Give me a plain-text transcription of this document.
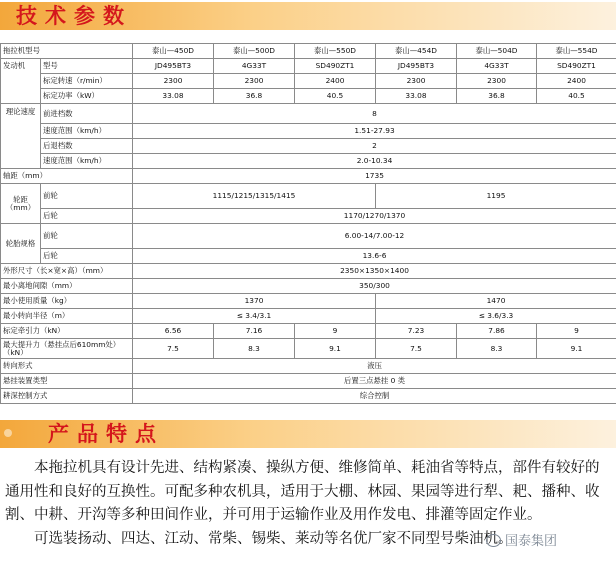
技术参数
拖拉机型号		泰山—450D	泰山—500D	泰山—550D	泰山—454D	泰山—504D	泰山—554D
发动机	型号	JD495BT3	4G33T	SD490ZT1	JD495BT3	4G33T	SD490ZT1
	标定转速（r/min）	2300	2300	2400	2300	2300	2400
	标定功率（kW）	33.08	36.8	40.5	33.08	36.8	40.5
理论速度	前进档数	8					
	速度范围（km/h）	1.51-27.93					
	后退档数	2					
	速度范围（km/h）	2.0-10.34					
轴距（mm）		1735					
轮距（mm）	前轮	1115/1215/1315/1415			1195		
	后轮	1170/1270/1370					
轮胎规格	前轮	6.00-14/7.00-12					
	后轮	13.6-6					
外形尺寸（长×宽×高）（mm）		2350×1350×1400					
最小离地间隙（mm）		350/300					
最小使用质量（kg）		1370			1470		
最小转向半径（m）		≤ 3.4/3.1			≤ 3.6/3.3		
标定牵引力（kN）		6.56	7.16	9	7.23	7.86	9
最大提升力（悬挂点后610mm处）（kN）		7.5	8.3	9.1	7.5	8.3	9.1
转向形式		液压					
悬挂装置类型		后置三点悬挂 0 类					
耕深控制方式		综合控制					
产品特点

本拖拉机具有设计先进、结构紧凑、操纵方便、维修简单、耗油省等特点，部件有较好的通用性和良好的互换性。可配多种农机具，适用于大棚、林园、果园等进行犁、耙、播种、收割、中耕、开沟等多种田间作业，并可用于运输作业及用作发电、排灌等固定作业。

可选装扬动、四达、江动、常柴、锡柴、莱动等名优厂家不同型号柴油机。

国泰集团
